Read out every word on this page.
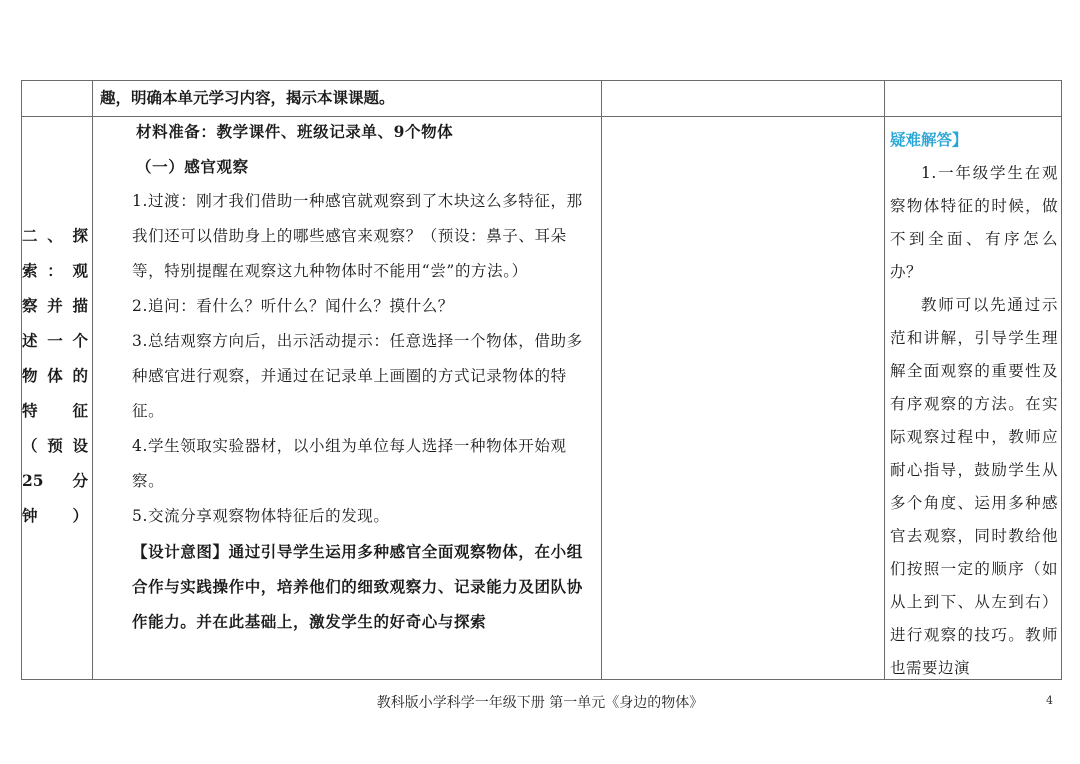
趣，明确本单元学习内容，揭示本课课题。
二、探
索：观
察并描
述一个
物体的
特　征
（预设
25　分
钟）

材料准备：教学课件、班级记录单、9个物体

（一）感官观察

1.过渡：刚才我们借助一种感官就观察到了木块这么多特征，那我们还可以借助身上的哪些感官来观察？（预设：鼻子、耳朵等，特别提醒在观察这九种物体时不能用“尝”的方法。）

2.追问：看什么？听什么？闻什么？摸什么？

3.总结观察方向后，出示活动提示：任意选择一个物体，借助多种感官进行观察，并通过在记录单上画圈的方式记录物体的特征。

4.学生领取实验器材，以小组为单位每人选择一种物体开始观察。

5.交流分享观察物体特征后的发现。

【设计意图】通过引导学生运用多种感官全面观察物体，在小组合作与实践操作中，培养他们的细致观察力、记录能力及团队协作能力。并在此基础上，激发学生的好奇心与探索

疑难解答】

1.一年级学生在观察物体特征的时候，做不到全面、有序怎么办？

教师可以先通过示范和讲解，引导学生理解全面观察的重要性及有序观察的方法。在实际观察过程中，教师应耐心指导，鼓励学生从多个角度、运用多种感官去观察，同时教给他们按照一定的顺序（如从上到下、从左到右）进行观察的技巧。教师也需要边演

教科版小学科学一年级下册 第一单元《身边的物体》	4
